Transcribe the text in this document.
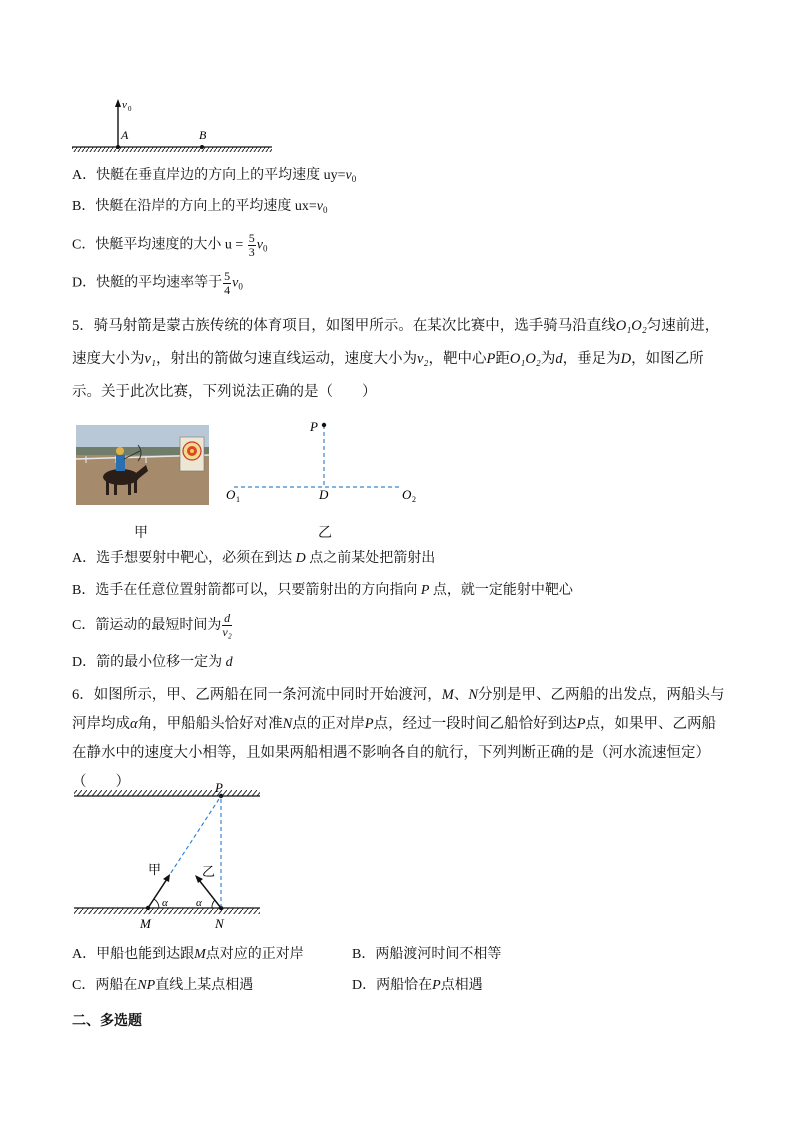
v 0
A	B
A．快艇在垂直岸边的方向上的平均速度 $uy=v_0$
B．快艇在沿岸的方向上的平均速度 $ux=v_0$
C．快艇平均速度的大小 $u = \frac{5}{3} v_0$
D．快艇的平均速率等于 $\frac{5}{4} v_0$
5．骑马射箭是蒙古族传统的体育项目，如图甲所示。在某次比赛中，选手骑马沿直线O₁O₂匀速前进，速度大小为v₁，射出的箭做匀速直线运动，速度大小为v₂，靶中心P距O₁O₂为d，垂足为D，如图乙所示。关于此次比赛，下列说法正确的是（　　）
甲
P
O 1	D	O 2
乙
A．选手想要射中靶心，必须在到达 D 点之前某处把箭射出
B．选手在任意位置射箭都可以，只要箭射出的方向指向 P 点，就一定能射中靶心
C．箭运动的最短时间为 $\frac{d}{\text{v₂}}$
D．箭的最小位移一定为 d
6．如图所示，甲、乙两船在同一条河流中同时开始渡河，M、N分别是甲、乙两船的出发点，两船头与
河岸均成α角，甲船船头恰好对准N点的正对岸P点，经过一段时间乙船恰好到达P点，如果甲、乙两船
在静水中的速度大小相等，且如果两船相遇不影响各自的航行，下列判断正确的是（河水流速恒定）（　　）	P
甲	乙
α	α
M	N
A．甲船也能到达跟M点对应的正对岸	B．两船渡河时间不相等
C．两船在NP直线上某点相遇	D．两船恰在P点相遇
二、多选题
